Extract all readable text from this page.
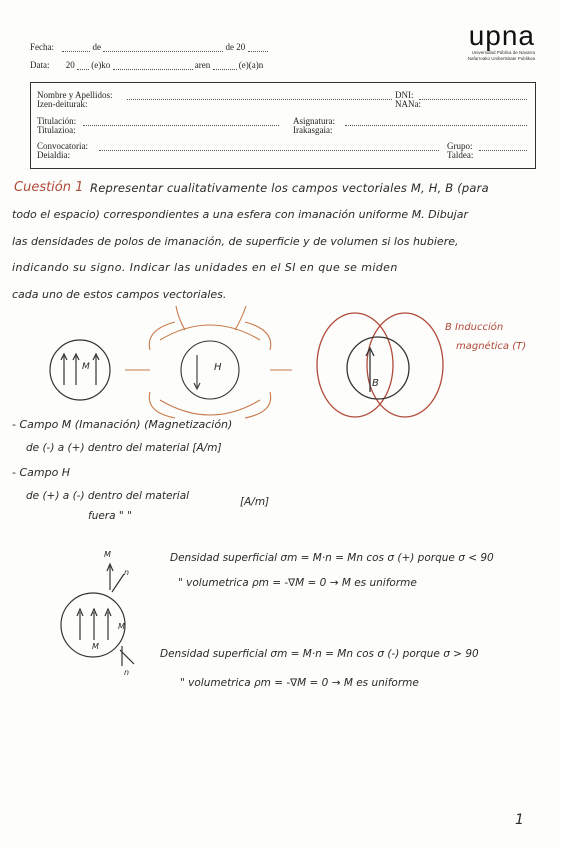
Fecha:	de	de 20
Data: 20 (e)ko	aren	(e)(a)n
upna
Universidad Pública de Navarra
Nafarroako Unibertsitate Publikoa
Nombre y Apellidos:
Izen-deiturak:
DNI:
NANa:
Titulación:
Titulazioa:
Asignatura:
Irakasgaia:
Convocatoria:
Deialdia:
Grupo:
Taldea:
Cuestión 1 Representar cualitativamente los campos vectoriales M, H, B (para
todo el espacio) correspondientes a una esfera con imanación uniforme M. Dibujar
las densidades de polos de imanación, de superficie y de volumen si los hubiere,
indicando su signo. Indicar las unidades en el SI en que se miden
cada uno de estos campos vectoriales.
M	H
B
B Inducción
magnética (T)
- Campo M (Imanación) (Magnetización)
de (-) a (+) dentro del material [A/m]
- Campo H
de (+) a (-) dentro del material
fuera " "
[A/m]
Densidad superficial σm = M·n = Mn cos σ (+) porque σ < 90
" volumetrica ρm = -∇M = 0 → M es uniforme
Densidad superficial σm = M·n = Mn cos σ (-) porque σ > 90
" volumetrica ρm = -∇M = 0 → M es uniforme
M
n
M
n
M
1
